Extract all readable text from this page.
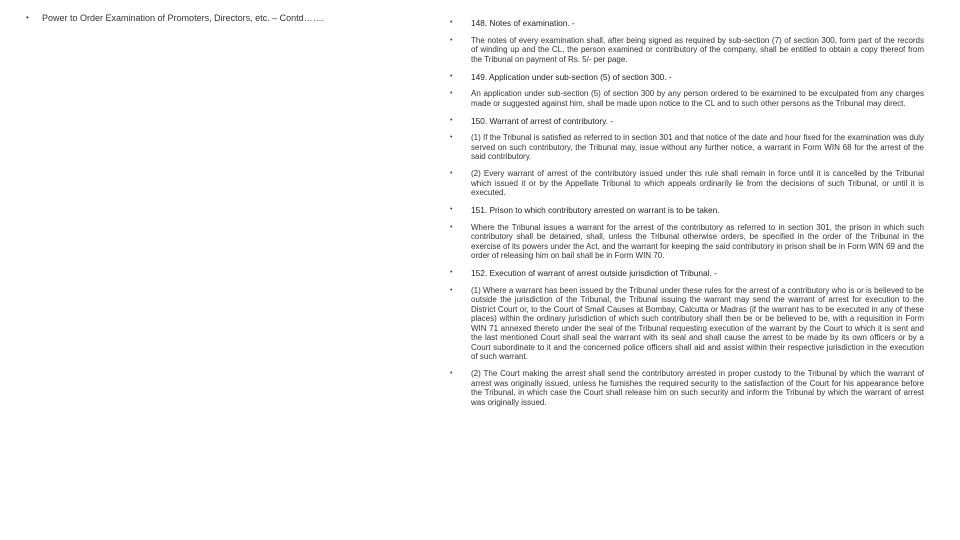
•	Power to Order Examination of Promoters, Directors, etc. – Contd…….	•	148. Notes of examination. -
•	The notes of every examination shall, after being signed as required by sub-section (7) of section 300, form part of the records of winding up and the CL, the person examined or contributory of the company, shall be entitled to obtain a copy thereof from the Tribunal on payment of Rs. 5/- per page.
•	149. Application under sub-section (5) of section 300. -
•	An application under sub-section (5) of section 300 by any person ordered to be examined to be exculpated from any charges made or suggested against him, shall be made upon notice to the CL and to such other persons as the Tribunal may direct.
•	150. Warrant of arrest of contributory. -
•	(1) If the Tribunal is satisfied as referred to in section 301 and that notice of the date and hour fixed for the examination was duly served on such contributory, the Tribunal may, issue without any further notice, a warrant in Form WIN 68 for the arrest of the said contributory.
•	(2) Every warrant of arrest of the contributory issued under this rule shall remain in force until it is cancelled by the Tribunal which issued it or by the Appellate Tribunal to which appeals ordinarily lie from the decisions of such Tribunal, or until it is executed.
•	151. Prison to which contributory arrested on warrant is to be taken.
•	Where the Tribunal issues a warrant for the arrest of the contributory as referred to in section 301, the prison in which such contributory shall be detained, shall, unless the Tribunal otherwise orders, be specified in the order of the Tribunal in the exercise of its powers under the Act, and the warrant for keeping the said contributory in prison shall be in Form WIN 69 and the order of releasing him on bail shall be in Form WIN 70.
•	152. Execution of warrant of arrest outside jurisdiction of Tribunal. -
•	(1) Where a warrant has been issued by the Tribunal under these rules for the arrest of a contributory who is or is believed to be outside the jurisdiction of the Tribunal, the Tribunal issuing the warrant may send the warrant of arrest for execution to the District Court or, to the Court of Small Causes at Bombay, Calcutta or Madras (if the warrant has to be executed in any of these places) within the ordinary jurisdiction of which such contributory shall then be or be believed to be, with a requisition in Form WIN 71 annexed thereto under the seal of the Tribunal requesting execution of the warrant by the Court to which it is sent and the last mentioned Court shall seal the warrant with its seal and shall cause the arrest to be made by its own officers or by a Court subordinate to it and the concerned police officers shall aid and assist within their respective jurisdiction in the execution of such warrant.
•	(2) The Court making the arrest shall send the contributory arrested in proper custody to the Tribunal by which the warrant of arrest was originally issued, unless he furnishes the required security to the satisfaction of the Court for his appearance before the Tribunal, in which case the Court shall release him on such security and inform the Tribunal by which the warrant of arrest was originally issued.
